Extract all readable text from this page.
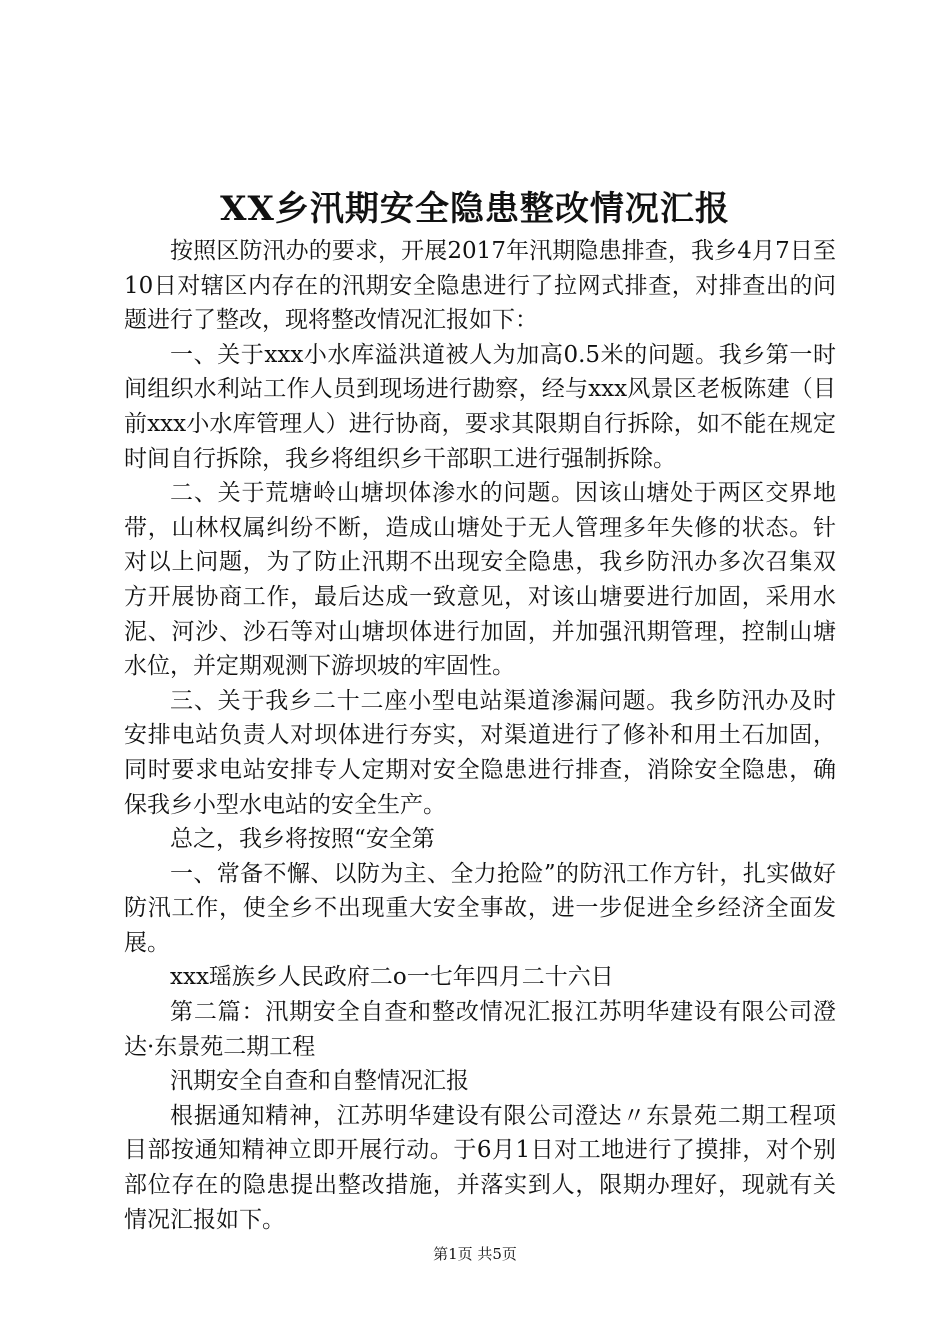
XX乡汛期安全隐患整改情况汇报

按照区防汛办的要求，开展2017年汛期隐患排查，我乡4月7日至10日对辖区内存在的汛期安全隐患进行了拉网式排查，对排查出的问题进行了整改，现将整改情况汇报如下：

一、关于xxx小水库溢洪道被人为加高0.5米的问题。我乡第一时间组织水利站工作人员到现场进行勘察，经与xxx风景区老板陈建（目前xxx小水库管理人）进行协商，要求其限期自行拆除，如不能在规定时间自行拆除，我乡将组织乡干部职工进行强制拆除。

二、关于荒塘岭山塘坝体渗水的问题。因该山塘处于两区交界地带，山林权属纠纷不断，造成山塘处于无人管理多年失修的状态。针对以上问题，为了防止汛期不出现安全隐患，我乡防汛办多次召集双方开展协商工作，最后达成一致意见，对该山塘要进行加固，采用水泥、河沙、沙石等对山塘坝体进行加固，并加强汛期管理，控制山塘水位，并定期观测下游坝坡的牢固性。

三、关于我乡二十二座小型电站渠道渗漏问题。我乡防汛办及时安排电站负责人对坝体进行夯实，对渠道进行了修补和用土石加固，同时要求电站安排专人定期对安全隐患进行排查，消除安全隐患，确保我乡小型水电站的安全生产。

总之，我乡将按照“安全第

一、常备不懈、以防为主、全力抢险”的防汛工作方针，扎实做好防汛工作，使全乡不出现重大安全事故，进一步促进全乡经济全面发展。

xxx瑶族乡人民政府二o一七年四月二十六日

第二篇：汛期安全自查和整改情况汇报江苏明华建设有限公司澄达·东景苑二期工程

汛期安全自查和自整情况汇报

根据通知精神，江苏明华建设有限公司澄达〃东景苑二期工程项目部按通知精神立即开展行动。于6月1日对工地进行了摸排，对个别部位存在的隐患提出整改措施，并落实到人，限期办理好，现就有关情况汇报如下。

第1页 共5页
